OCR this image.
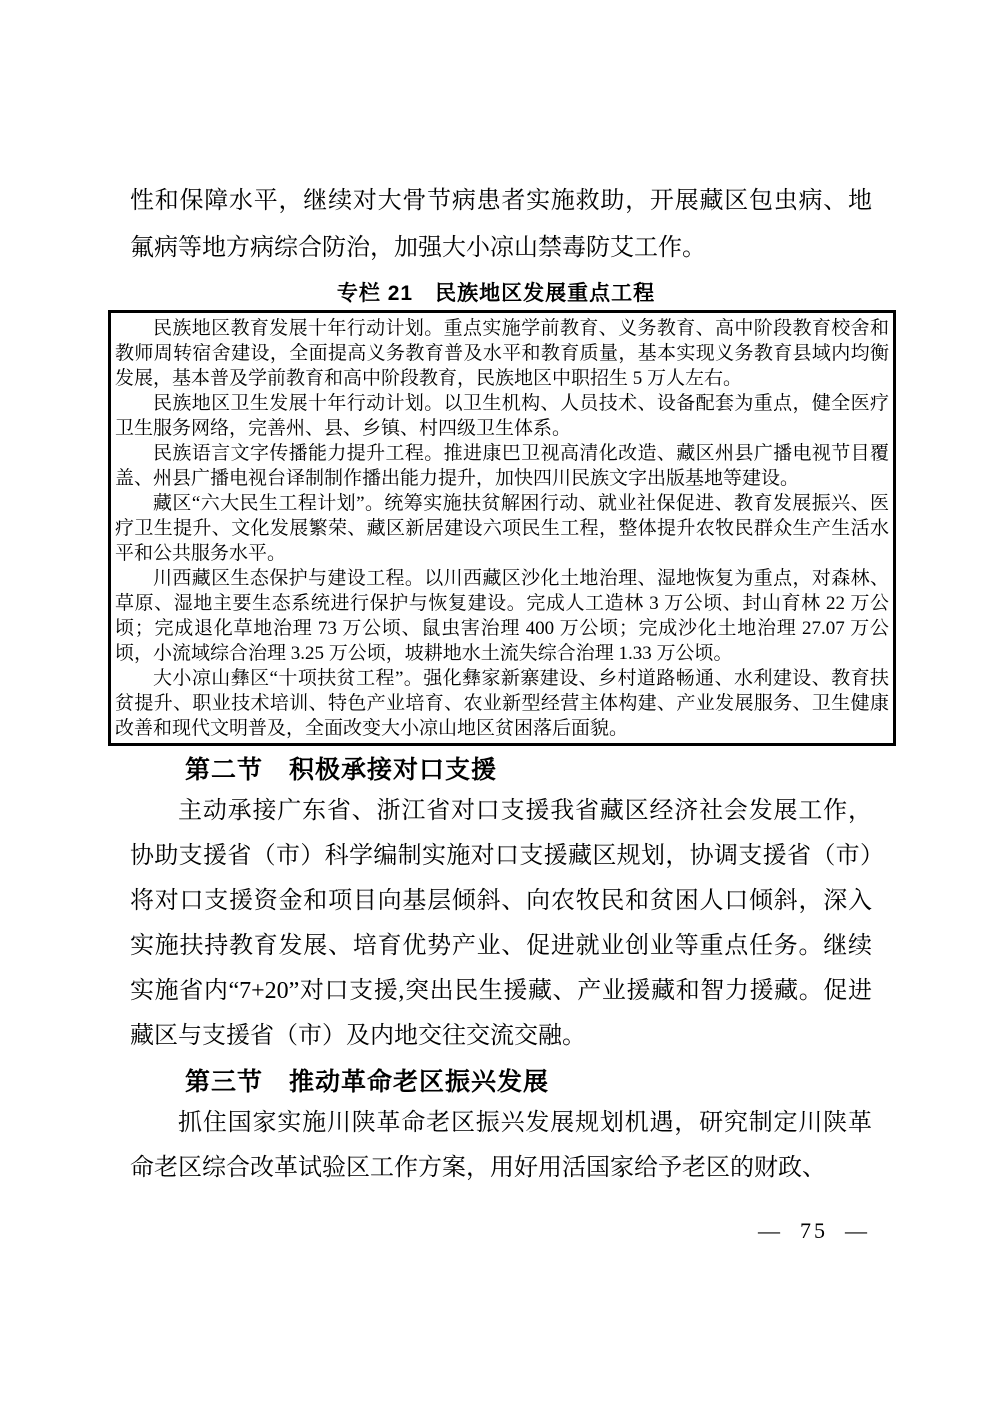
性和保障水平，继续对大骨节病患者实施救助，开展藏区包虫病、地氟病等地方病综合防治，加强大小凉山禁毒防艾工作。

专栏 21　民族地区发展重点工程

民族地区教育发展十年行动计划。重点实施学前教育、义务教育、高中阶段教育校舍和教师周转宿舍建设，全面提高义务教育普及水平和教育质量，基本实现义务教育县域内均衡发展，基本普及学前教育和高中阶段教育，民族地区中职招生 5 万人左右。

民族地区卫生发展十年行动计划。以卫生机构、人员技术、设备配套为重点，健全医疗卫生服务网络，完善州、县、乡镇、村四级卫生体系。

民族语言文字传播能力提升工程。推进康巴卫视高清化改造、藏区州县广播电视节目覆盖、州县广播电视台译制制作播出能力提升，加快四川民族文字出版基地等建设。

藏区“六大民生工程计划”。统筹实施扶贫解困行动、就业社保促进、教育发展振兴、医疗卫生提升、文化发展繁荣、藏区新居建设六项民生工程，整体提升农牧民群众生产生活水平和公共服务水平。

川西藏区生态保护与建设工程。以川西藏区沙化土地治理、湿地恢复为重点，对森林、草原、湿地主要生态系统进行保护与恢复建设。完成人工造林 3 万公顷、封山育林 22 万公顷；完成退化草地治理 73 万公顷、鼠虫害治理 400 万公顷；完成沙化土地治理 27.07 万公顷，小流域综合治理 3.25 万公顷，坡耕地水土流失综合治理 1.33 万公顷。

大小凉山彝区“十项扶贫工程”。强化彝家新寨建设、乡村道路畅通、水利建设、教育扶贫提升、职业技术培训、特色产业培育、农业新型经营主体构建、产业发展服务、卫生健康改善和现代文明普及，全面改变大小凉山地区贫困落后面貌。

第二节　积极承接对口支援

主动承接广东省、浙江省对口支援我省藏区经济社会发展工作，协助支援省（市）科学编制实施对口支援藏区规划，协调支援省（市）将对口支援资金和项目向基层倾斜、向农牧民和贫困人口倾斜，深入实施扶持教育发展、培育优势产业、促进就业创业等重点任务。继续实施省内“7+20”对口支援,突出民生援藏、产业援藏和智力援藏。促进藏区与支援省（市）及内地交往交流交融。

第三节　推动革命老区振兴发展

抓住国家实施川陕革命老区振兴发展规划机遇，研究制定川陕革命老区综合改革试验区工作方案，用好用活国家给予老区的财政、

—  75  —
